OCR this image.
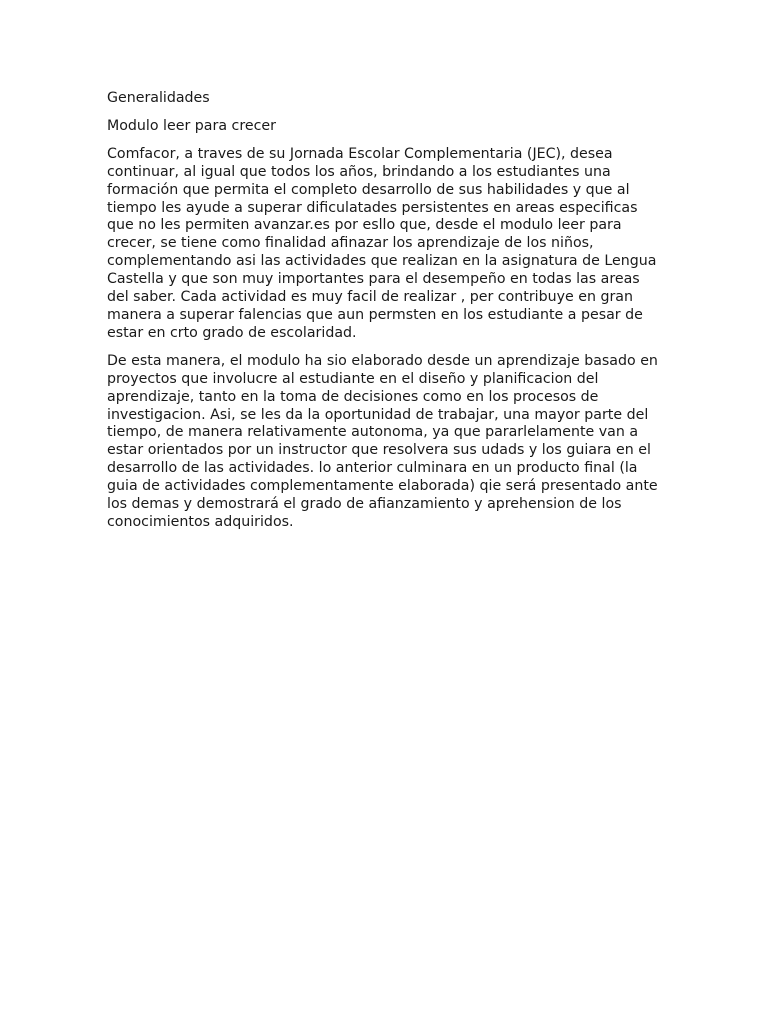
Generalidades

Modulo leer para crecer

Comfacor, a traves de su Jornada Escolar Complementaria (JEC), desea continuar, al igual que todos los años, brindando a los estudiantes una formación que permita el completo desarrollo de sus habilidades y que al tiempo les ayude a superar dificulatades persistentes en areas especificas que no les permiten avanzar.es por esllo que, desde el modulo leer para crecer, se tiene como finalidad afinazar los aprendizaje de los niños, complementando asi las actividades que realizan en la asignatura de Lengua Castella y que son muy importantes para el desempeño en todas las areas del saber. Cada actividad es muy facil de realizar , per contribuye en gran manera a superar falencias que aun permsten en los estudiante a pesar de estar en crto grado de escolaridad.

De esta manera, el modulo ha sio elaborado desde un aprendizaje basado en proyectos que involucre al estudiante en el diseño y planificacion del aprendizaje, tanto en la toma de decisiones como en los procesos de investigacion. Asi, se les da la oportunidad de trabajar, una mayor parte del tiempo, de manera relativamente autonoma, ya que pararlelamente van a estar orientados por un instructor que resolvera sus udads y los guiara en el desarrollo de las actividades. lo anterior culminara en un producto final (la guia de actividades complementamente elaborada) qie será presentado ante los demas y demostrará el grado de afianzamiento y aprehension de los conocimientos adquiridos.
